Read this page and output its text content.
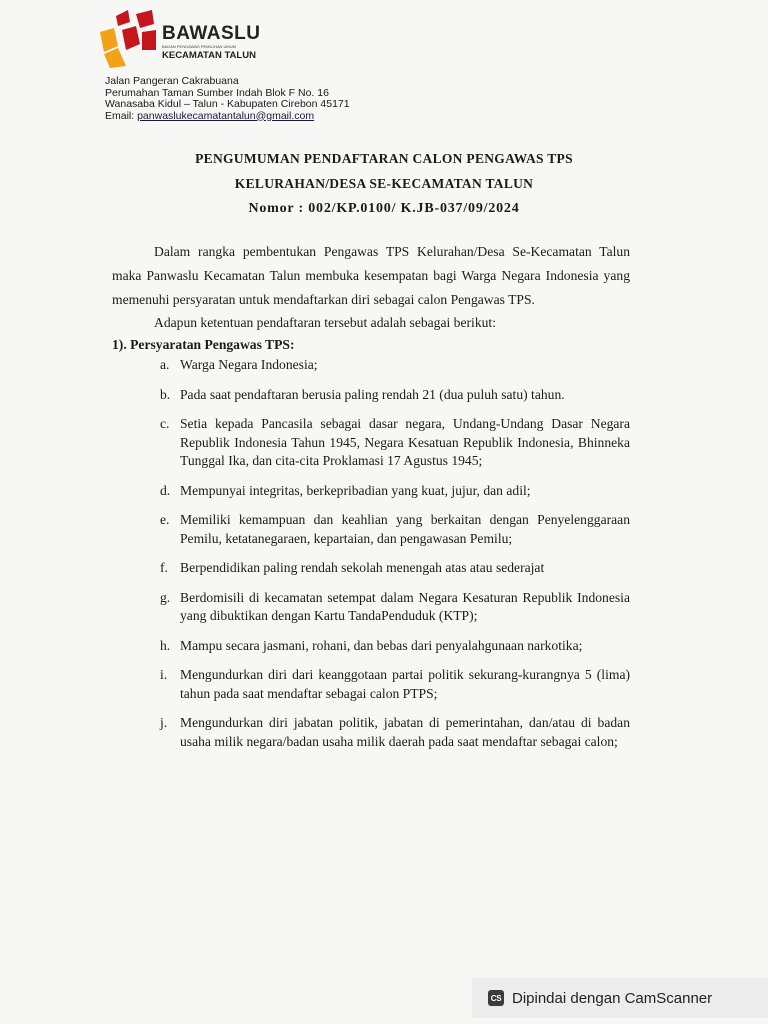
BAWASLU
BADAN PENGAWAS PEMILIHAN UMUM
KECAMATAN TALUN
Jalan Pangeran Cakrabuana
Perumahan Taman Sumber Indah Blok F No. 16
Wanasaba Kidul – Talun - Kabupaten Cirebon 45171
Email: panwaslukecamatantalun@gmail.com
PENGUMUMAN PENDAFTARAN CALON PENGAWAS TPS
KELURAHAN/DESA SE-KECAMATAN TALUN
Nomor : 002/KP.0100/ K.JB-037/09/2024

Dalam rangka pembentukan Pengawas TPS Kelurahan/Desa Se-Kecamatan Talun maka Panwaslu Kecamatan Talun membuka kesempatan bagi Warga Negara Indonesia yang memenuhi persyaratan untuk mendaftarkan diri sebagai calon Pengawas TPS.

Adapun ketentuan pendaftaran tersebut adalah sebagai berikut:

1). Persyaratan Pengawas TPS:

a. Warga Negara Indonesia;
b. Pada saat pendaftaran berusia paling rendah 21 (dua puluh satu) tahun.
c. Setia kepada Pancasila sebagai dasar negara, Undang-Undang Dasar Negara Republik Indonesia Tahun 1945, Negara Kesatuan Republik Indonesia, Bhinneka Tunggal Ika, dan cita-cita Proklamasi 17 Agustus 1945;
d. Mempunyai integritas, berkepribadian yang kuat, jujur, dan adil;
e. Memiliki kemampuan dan keahlian yang berkaitan dengan Penyelenggaraan Pemilu, ketatanegaraen, kepartaian, dan pengawasan Pemilu;
f. Berpendidikan paling rendah sekolah menengah atas atau sederajat
g. Berdomisili di kecamatan setempat dalam Negara Kesaturan Republik Indonesia yang dibuktikan dengan Kartu TandaPenduduk (KTP);
h. Mampu secara jasmani, rohani, dan bebas dari penyalahgunaan narkotika;
i. Mengundurkan diri dari keanggotaan partai politik sekurang-kurangnya 5 (lima) tahun pada saat mendaftar sebagai calon PTPS;
j. Mengundurkan diri jabatan politik, jabatan di pemerintahan, dan/atau di badan usaha milik negara/badan usaha milik daerah pada saat mendaftar sebagai calon;
CS Dipindai dengan CamScanner
